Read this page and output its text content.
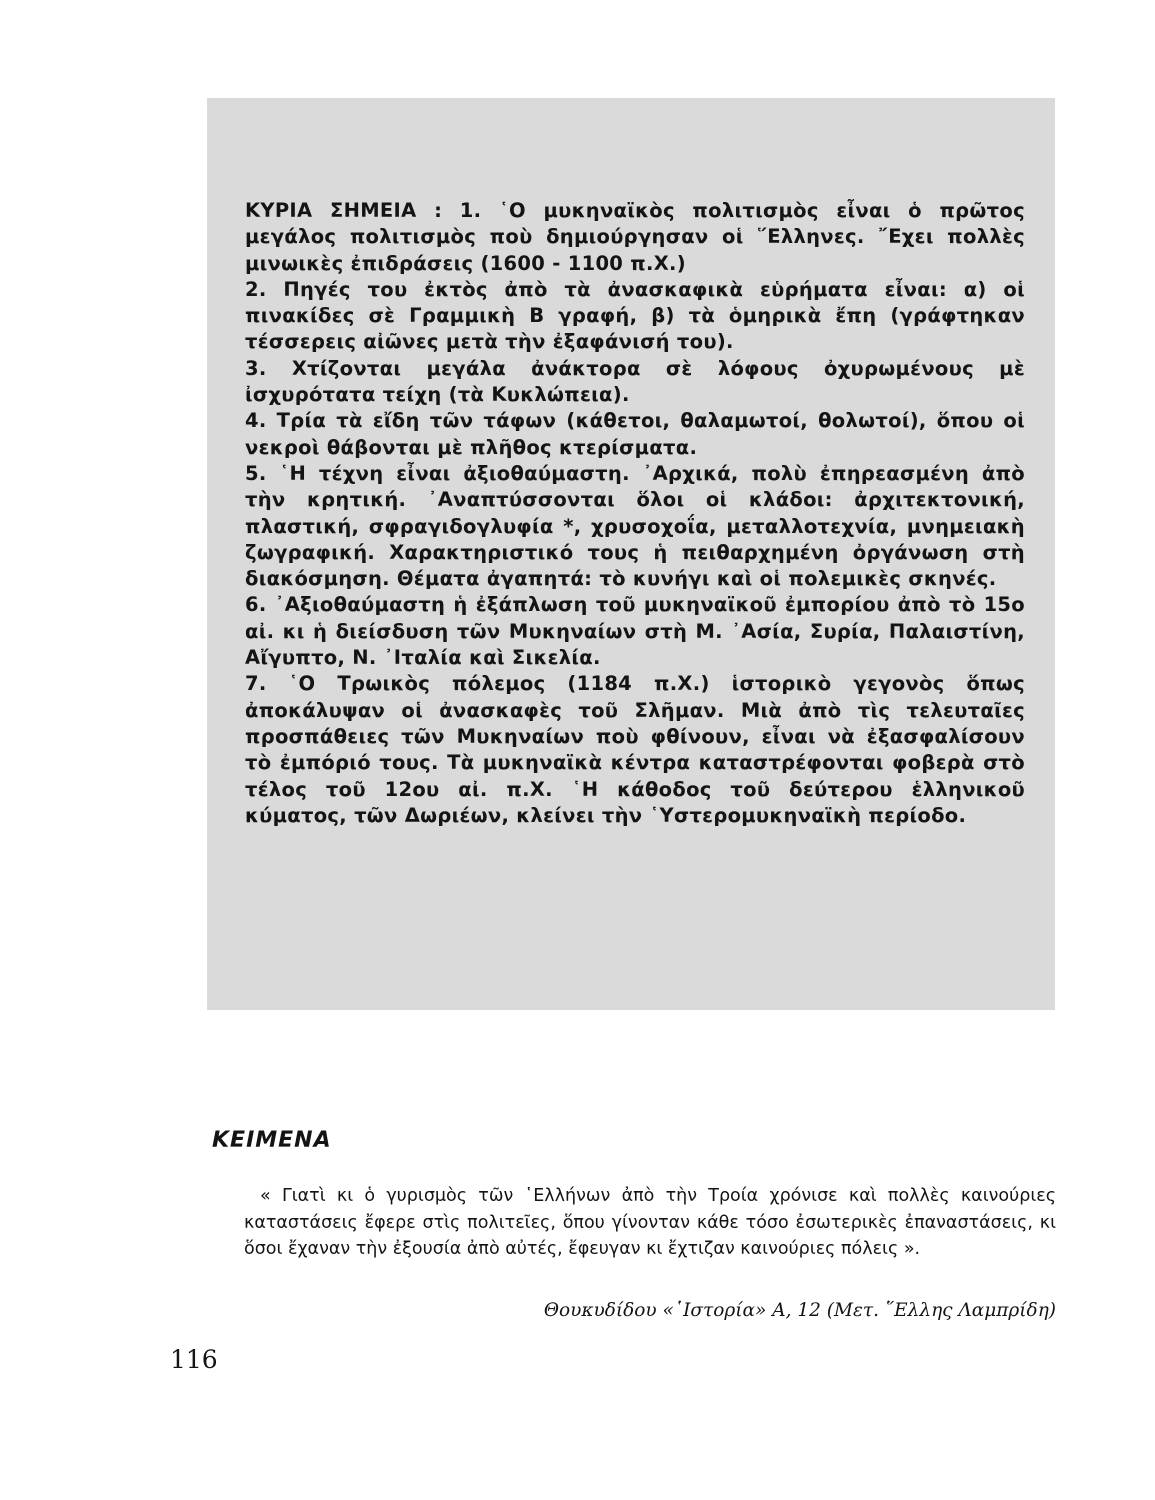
ΚΥΡΙΑ ΣΗΜΕΙΑ : 1. ῾Ο μυκηναϊκὸς πολιτισμὸς εἶναι ὁ πρῶτος μεγάλος πολιτισμὸς ποὺ δημιούργησαν οἱ ῞Ελληνες. ῎Εχει πολλὲς μινωικὲς ἐπιδράσεις (1600 - 1100 π.Χ.)

2. Πηγές του ἐκτὸς ἀπὸ τὰ ἀνασκαφικὰ εὑρήματα εἶναι: α) οἱ πινακίδες σὲ Γραμμικὴ Β γραφή, β) τὰ ὁμηρικὰ ἔπη (γράφτηκαν τέσσερεις αἰῶνες μετὰ τὴν ἐξαφάνισή του).

3. Χτίζονται μεγάλα ἀνάκτορα σὲ λόφους ὀχυρωμένους μὲ ἰσχυρότατα τείχη (τὰ Κυκλώπεια).

4. Τρία τὰ εἴδη τῶν τάφων (κάθετοι, θαλαμωτοί, θολωτοί), ὅπου οἱ νεκροὶ θάβονται μὲ πλῆθος κτερίσματα.

5. ῾Η τέχνη εἶναι ἀξιοθαύμαστη. ᾿Αρχικά, πολὺ ἐπηρεασμένη ἀπὸ τὴν κρητική. ᾿Αναπτύσσονται ὅλοι οἱ κλάδοι: ἀρχιτεκτονική, πλαστική, σφραγιδογλυφία *, χρυσοχοΐα, μεταλλοτεχνία, μνημειακὴ ζωγραφική. Χαρακτηριστικό τους ἡ πειθαρχημένη ὀργάνωση στὴ διακόσμηση. Θέματα ἀγαπητά: τὸ κυνήγι καὶ οἱ πολεμικὲς σκηνές.

6. ᾿Αξιοθαύμαστη ἡ ἐξάπλωση τοῦ μυκηναϊκοῦ ἐμπορίου ἀπὸ τὸ 15ο αἰ. κι ἡ διείσδυση τῶν Μυκηναίων στὴ Μ. ᾿Ασία, Συρία, Παλαιστίνη, Αἴγυπτο, Ν. ᾿Ιταλία καὶ Σικελία.

7. ῾Ο Τρωικὸς πόλεμος (1184 π.Χ.) ἱστορικὸ γεγονὸς ὅπως ἀποκάλυψαν οἱ ἀνασκαφὲς τοῦ Σλῆμαν. Μιὰ ἀπὸ τὶς τελευταῖες προσπάθειες τῶν Μυκηναίων ποὺ φθίνουν, εἶναι νὰ ἐξασφαλίσουν τὸ ἐμπόριό τους. Τὰ μυκηναϊκὰ κέντρα καταστρέφονται φοβερὰ στὸ τέλος τοῦ 12ου αἰ. π.Χ. ῾Η κάθοδος τοῦ δεύτερου ἑλληνικοῦ κύματος, τῶν Δωριέων, κλείνει τὴν ῾Υστερομυκηναϊκὴ περίοδο.

ΚΕΙΜΕΝΑ

« Γιατὶ κι ὁ γυρισμὸς τῶν ῾Ελλήνων ἀπὸ τὴν Τροία χρόνισε καὶ πολλὲς καινούριες καταστάσεις ἔφερε στὶς πολιτεῖες, ὅπου γίνονταν κάθε τόσο ἐσωτερικὲς ἐπαναστάσεις, κι ὅσοι ἔχαναν τὴν ἐξουσία ἀπὸ αὐτές, ἔφευγαν κι ἔχτιζαν καινούριες πόλεις ».

Θουκυδίδου «῾Ιστορία» Α, 12 (Μετ. ῞Ελλης Λαμπρίδη)

116
